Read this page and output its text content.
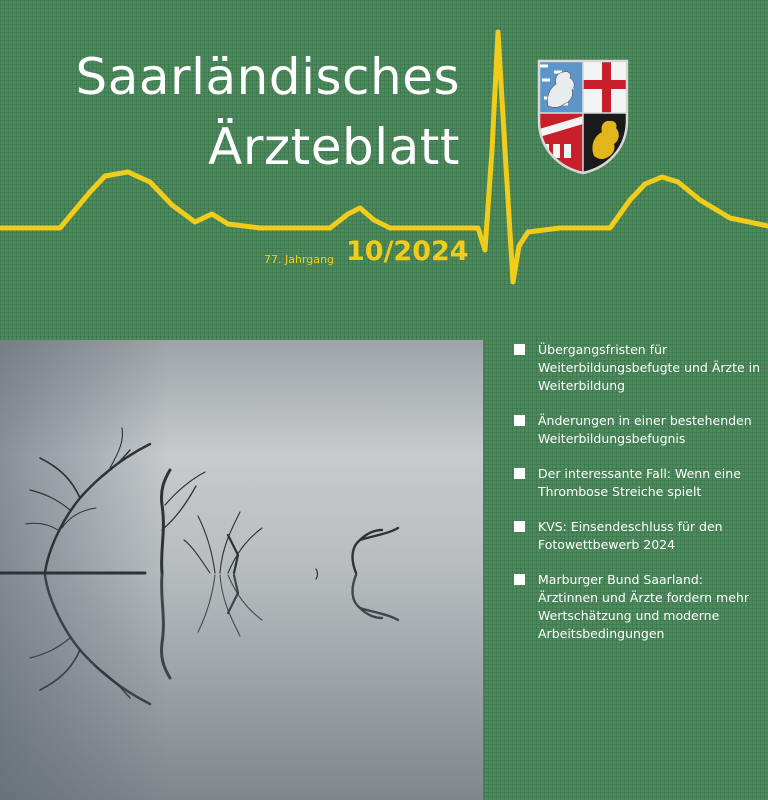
Saarländisches
Ärzteblatt
77. Jahrgang 10/2024
Übergangsfristen für Weiterbildungsbefugte und Ärzte in Weiterbildung
Änderungen in einer bestehenden Weiterbildungsbefugnis
Der interessante Fall: Wenn eine Thrombose Streiche spielt
KVS: Einsendeschluss für den Fotowettbewerb 2024
Marburger Bund Saarland: Ärztinnen und Ärzte fordern mehr Wertschätzung und moderne Arbeitsbedingungen
